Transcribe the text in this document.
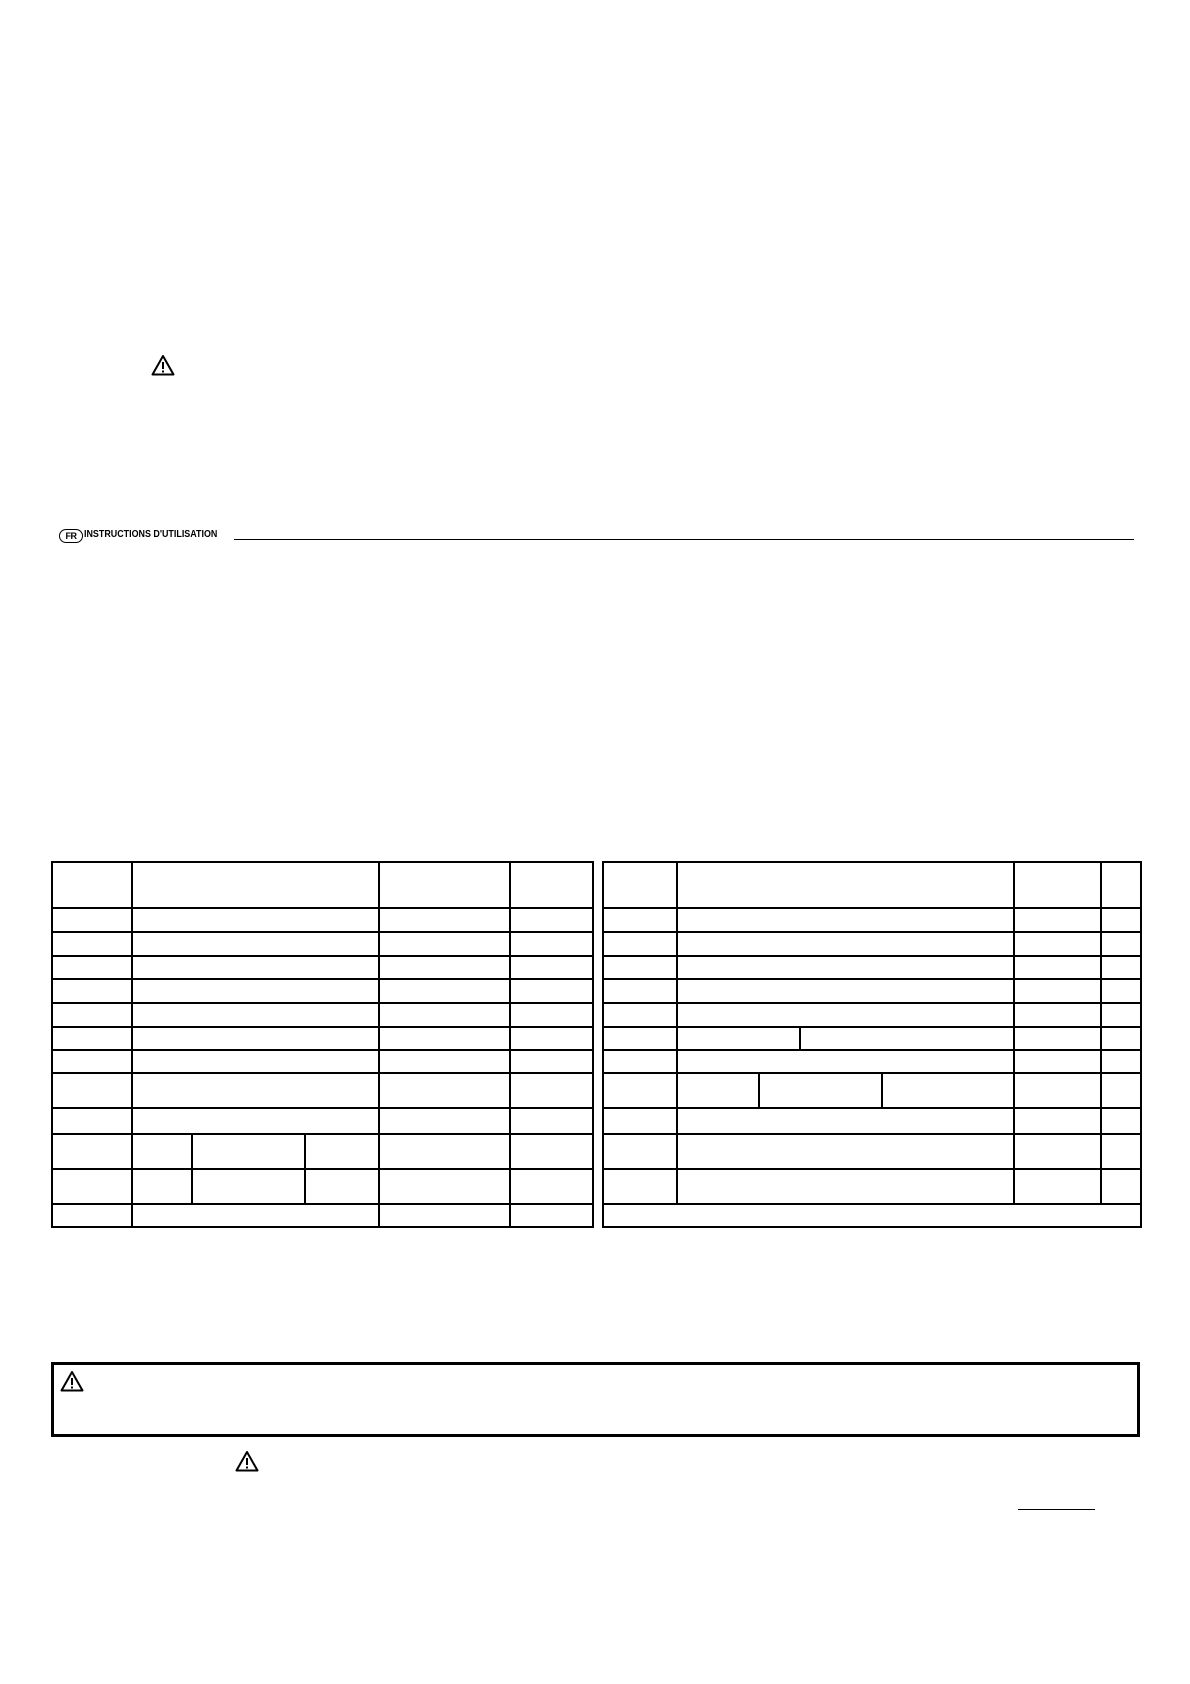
FR INSTRUCTIONS D'UTILISATION
